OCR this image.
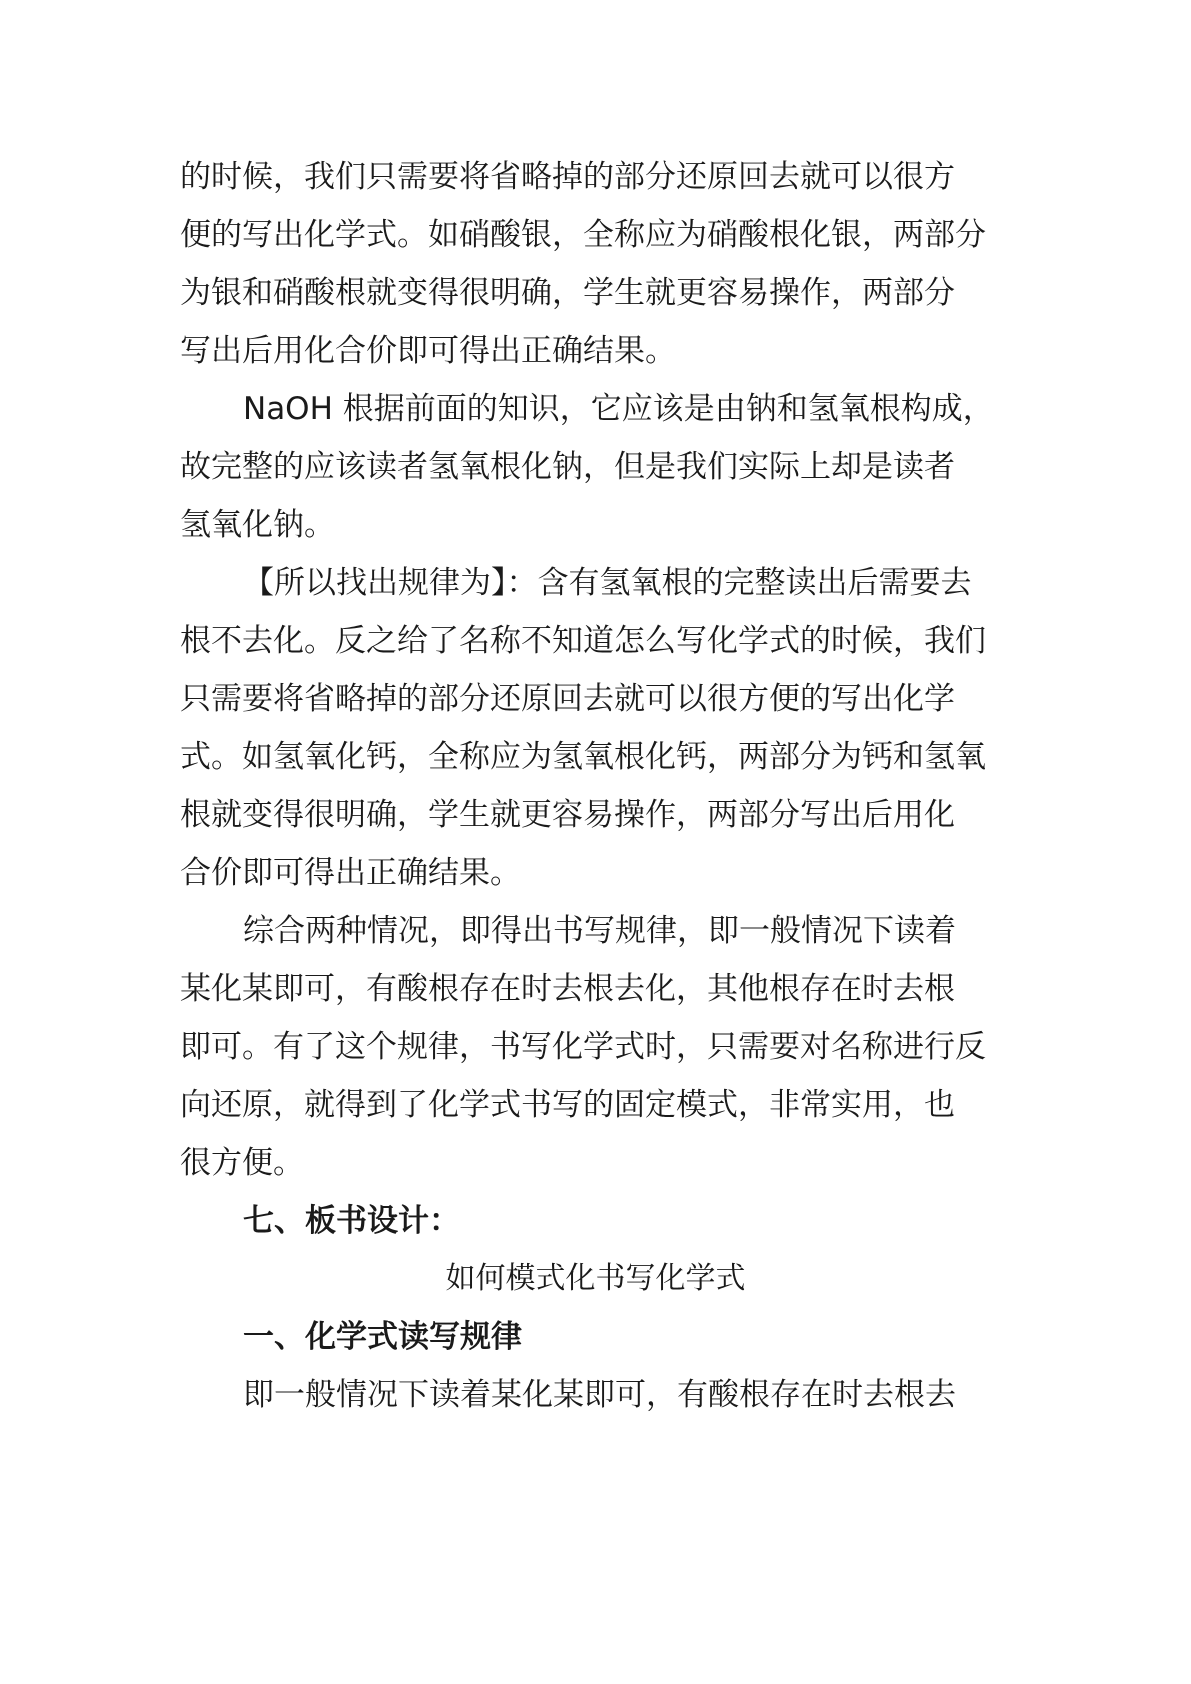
的时候，我们只需要将省略掉的部分还原回去就可以很方
便的写出化学式。如硝酸银，全称应为硝酸根化银，两部分
为银和硝酸根就变得很明确，学生就更容易操作，两部分
写出后用化合价即可得出正确结果。
NaOH 根据前面的知识，它应该是由钠和氢氧根构成，
故完整的应该读者氢氧根化钠，但是我们实际上却是读者
氢氧化钠。
【所以找出规律为】：含有氢氧根的完整读出后需要去
根不去化。反之给了名称不知道怎么写化学式的时候，我们
只需要将省略掉的部分还原回去就可以很方便的写出化学
式。如氢氧化钙，全称应为氢氧根化钙，两部分为钙和氢氧
根就变得很明确，学生就更容易操作，两部分写出后用化
合价即可得出正确结果。
综合两种情况，即得出书写规律，即一般情况下读着
某化某即可，有酸根存在时去根去化，其他根存在时去根
即可。有了这个规律，书写化学式时，只需要对名称进行反
向还原，就得到了化学式书写的固定模式，非常实用，也
很方便。
七、板书设计：
如何模式化书写化学式
一、化学式读写规律
即一般情况下读着某化某即可，有酸根存在时去根去
